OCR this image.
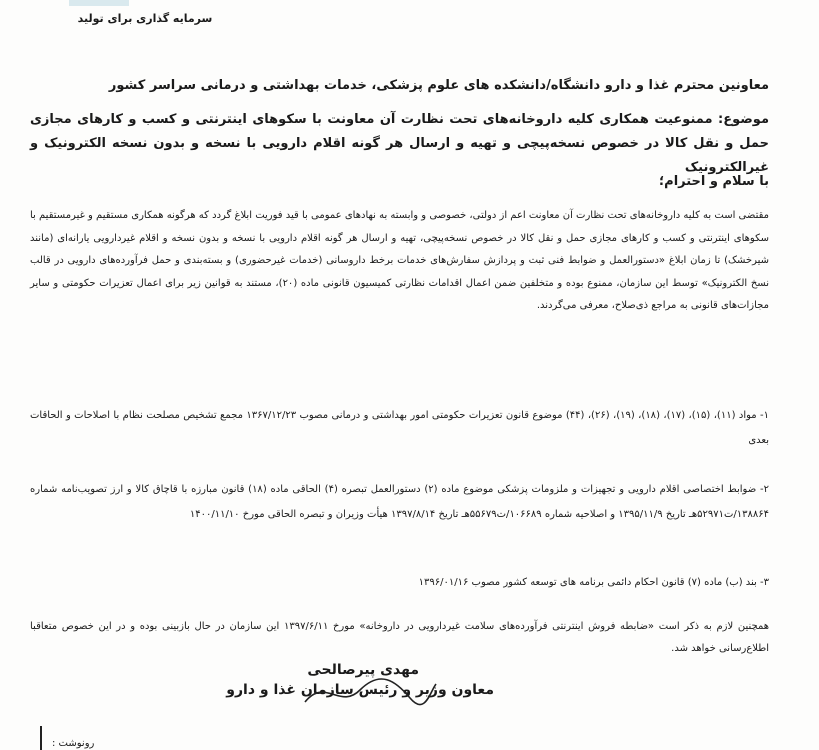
سرمایه گذاری برای تولید
معاونین محترم غذا و دارو دانشگاه/دانشکده های علوم پزشکی، خدمات بهداشتی و درمانی سراسر کشور
موضوع: ممنوعیت همکاری کلیه داروخانه‌های تحت نظارت آن معاونت با سکوهای اینترنتی و کسب و کارهای مجازی حمل و نقل کالا در خصوص نسخه‌پیچی و تهیه و ارسال هر گونه اقلام دارویی با نسخه و بدون نسخه الکترونیک و غیرالکترونیک
با سلام و احترام؛
مقتضی است به کلیه داروخانه‌های تحت نظارت آن معاونت اعم از دولتی، خصوصی و وابسته به نهادهای عمومی با قید فوریت ابلاغ گردد که هرگونه همکاری مستقیم و غیرمستقیم با سکوهای اینترنتی و کسب و کارهای مجازی حمل و نقل کالا در خصوص نسخه‌پیچی، تهیه و ارسال هر گونه اقلام دارویی با نسخه و بدون نسخه و اقلام غیردارویی یارانه‌ای (مانند شیرخشک) تا زمان ابلاغ «دستورالعمل و ضوابط فنی ثبت و پردازش سفارش‌های خدمات برخط داروسانی (خدمات غیرحضوری) و بسته‌بندی و حمل فرآورده‌های دارویی در قالب نسخ الکترونیک» توسط این سازمان، ممنوع بوده و متخلفین ضمن اعمال اقدامات نظارتی کمیسیون قانونی ماده (۲۰)، مستند به قوانین زیر برای اعمال تعزیرات حکومتی و سایر مجازات‌های قانونی به مراجع ذی‌صلاح، معرفی می‌گردند.
۱- مواد (۱۱)، (۱۵)، (۱۷)، (۱۸)، (۱۹)، (۲۶)، (۴۴) موضوع قانون تعزیرات حکومتی امور بهداشتی و درمانی مصوب ۱۳۶۷/۱۲/۲۳ مجمع تشخیص مصلحت نظام با اصلاحات و الحاقات بعدی
۲- ضوابط اختصاصی اقلام دارویی و تجهیزات و ملزومات پزشکی موضوع ماده (۲) دستورالعمل تبصره (۴) الحاقی ماده (۱۸) قانون مبارزه با قاچاق کالا و ارز تصویب‌نامه شماره ۱۳۸۸۶۴/ت۵۲۹۷۱هـ تاریخ ۱۳۹۵/۱۱/۹ و اصلاحیه شماره ۱۰۶۶۸۹/ت۵۵۶۷۹هـ تاریخ ۱۳۹۷/۸/۱۴ هیأت وزیران و تبصره الحاقی مورخ ۱۴۰۰/۱۱/۱۰
۳- بند (ب) ماده (۷) قانون احکام دائمی برنامه های توسعه کشور مصوب ۱۳۹۶/۰۱/۱۶
همچنین لازم به ذکر است «ضابطه فروش اینترنتی فرآورده‌های سلامت غیردارویی در داروخانه» مورخ ۱۳۹۷/۶/۱۱ این سازمان در حال بازبینی بوده و در این خصوص متعاقبا اطلاع‌رسانی خواهد شد.
مهدی پیرصالحی
معاون وزیر و رئیس سازمان غذا و دارو
رونوشت :
